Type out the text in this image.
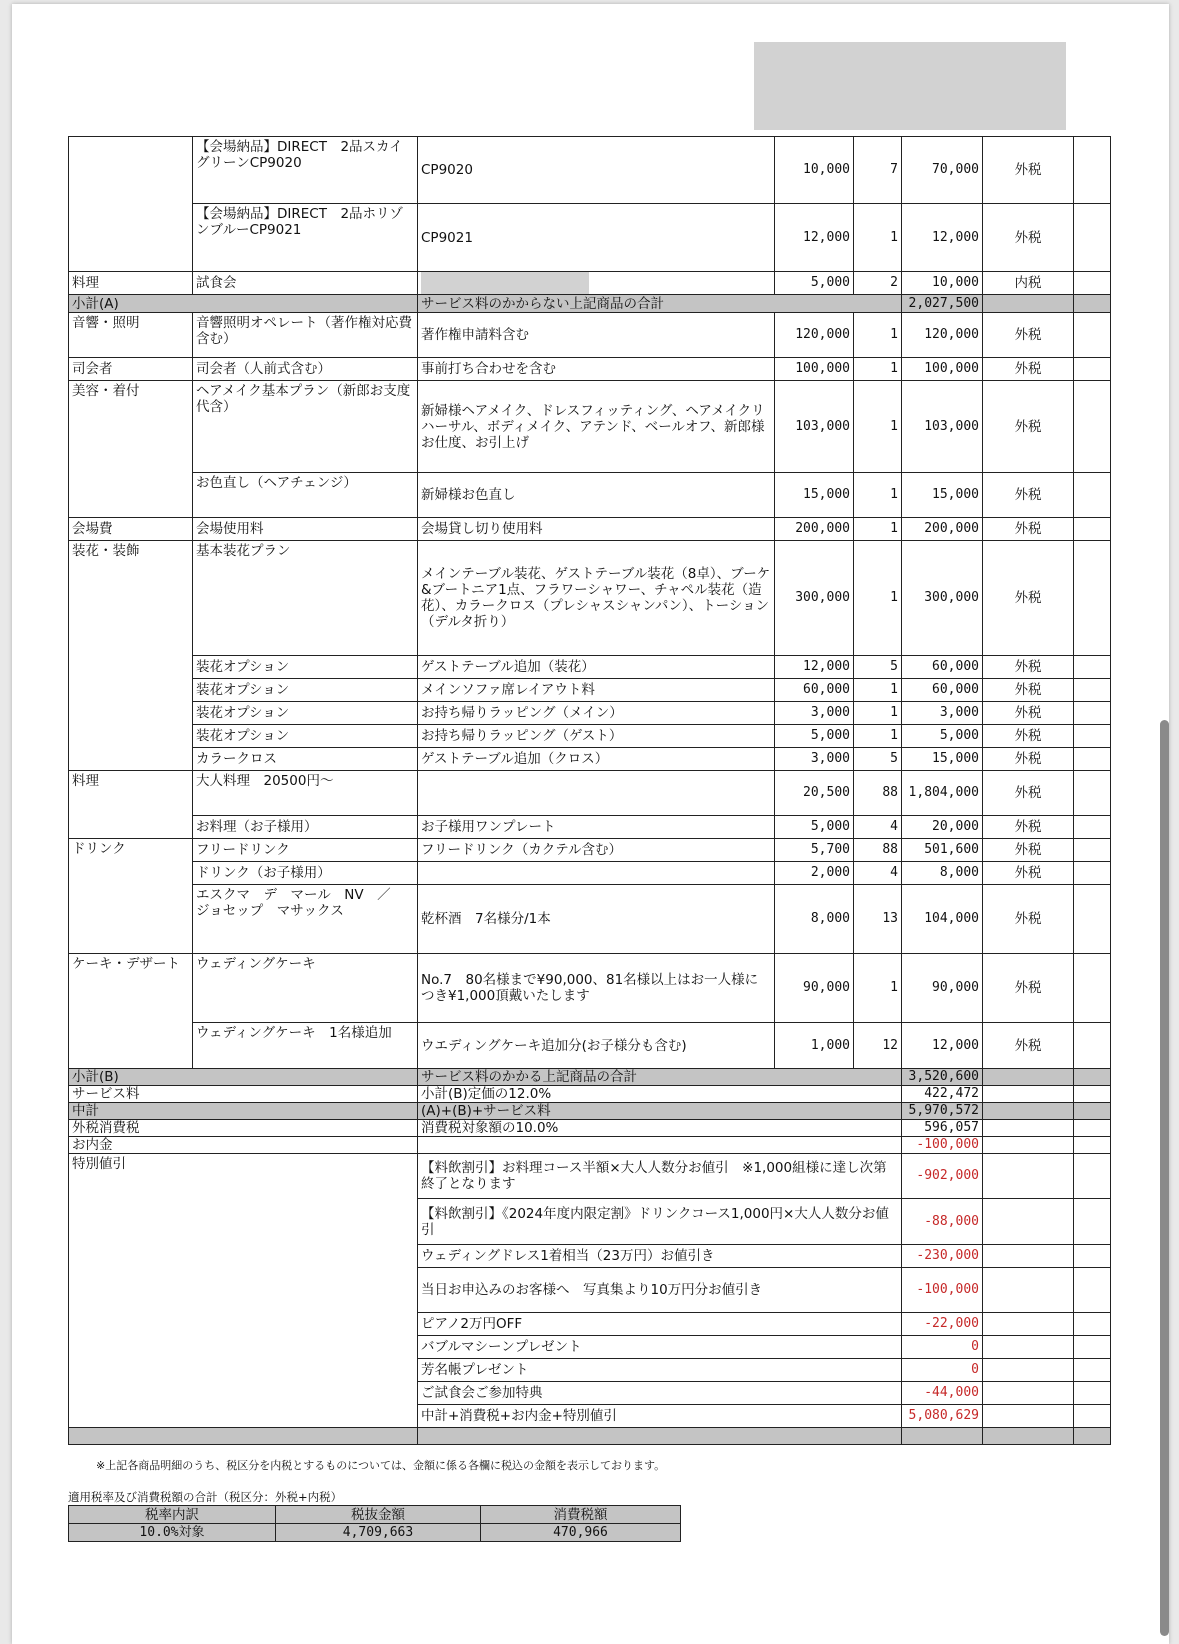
	【会場納品】DIRECT　2品スカイグリーンCP9020	CP9020	10,000	7	70,000	外税	
	【会場納品】DIRECT　2品ホリゾンブルーCP9021	CP9021	12,000	1	12,000	外税	
料理	試食会		5,000	2	10,000	内税	
小計(A)		サービス料のかからない上記商品の合計			2,027,500		
音響・照明	音響照明オペレート（著作権対応費含む）	著作権申請料含む	120,000	1	120,000	外税	
司会者	司会者（人前式含む）	事前打ち合わせを含む	100,000	1	100,000	外税	
美容・着付	ヘアメイク基本プラン（新郎お支度代含）	新婦様ヘアメイク、ドレスフィッティング、ヘアメイクリハーサル、ボディメイク、アテンド、ベールオフ、新郎様お仕度、お引上げ	103,000	1	103,000	外税	
	お色直し（ヘアチェンジ）	新婦様お色直し	15,000	1	15,000	外税	
会場費	会場使用料	会場貸し切り使用料	200,000	1	200,000	外税	
装花・装飾	基本装花プラン	メインテーブル装花、ゲストテーブル装花（8卓）、ブーケ&ブートニア1点、フラワーシャワー、チャペル装花（造花）、カラークロス（プレシャスシャンパン）、トーション（デルタ折り）	300,000	1	300,000	外税	
	装花オプション	ゲストテーブル追加（装花）	12,000	5	60,000	外税	
	装花オプション	メインソファ席レイアウト料	60,000	1	60,000	外税	
	装花オプション	お持ち帰りラッピング（メイン）	3,000	1	3,000	外税	
	装花オプション	お持ち帰りラッピング（ゲスト）	5,000	1	5,000	外税	
	カラークロス	ゲストテーブル追加（クロス）	3,000	5	15,000	外税	
料理	大人料理　20500円～		20,500	88	1,804,000	外税	
	お料理（お子様用）	お子様用ワンプレート	5,000	4	20,000	外税	
ドリンク	フリードリンク	フリードリンク（カクテル含む）	5,700	88	501,600	外税	
	ドリンク（お子様用）		2,000	4	8,000	外税	
	エスクマ　デ　マール　NV　／　ジョセップ　マサックス	乾杯酒　7名様分/1本	8,000	13	104,000	外税	
ケーキ・デザート	ウェディングケーキ	No.7　80名様まで¥90,000、81名様以上はお一人様につき¥1,000頂戴いたします	90,000	1	90,000	外税	
	ウェディングケーキ　1名様追加	ウエディングケーキ追加分(お子様分も含む)	1,000	12	12,000	外税	
小計(B)		サービス料のかかる上記商品の合計			3,520,600		
サービス料		小計(B)定価の12.0%			422,472		
中計		(A)+(B)+サービス料			5,970,572		
外税消費税		消費税対象額の10.0%			596,057		
お内金					-100,000		
特別値引		【料飲割引】お料理コース半額×大人人数分お値引　※1,000組様に達し次第終了となります			-902,000		
		【料飲割引】《2024年度内限定割》ドリンクコース1,000円×大人人数分お値引			-88,000		
		ウェディングドレス1着相当（23万円）お値引き			-230,000		
		当日お申込みのお客様へ　写真集より10万円分お値引き			-100,000		
		ピアノ2万円OFF			-22,000		
		バブルマシーンプレゼント			0		
		芳名帳プレゼント			0		
		ご試食会ご参加特典			-44,000		
		中計+消費税+お内金+特別値引			5,080,629		

※上記各商品明細のうち、税区分を内税とするものについては、金額に係る各欄に税込の金額を表示しております。
適用税率及び消費税額の合計（税区分：外税+内税）
税率内訳	税抜金額	消費税額
10.0%対象	4,709,663	470,966
